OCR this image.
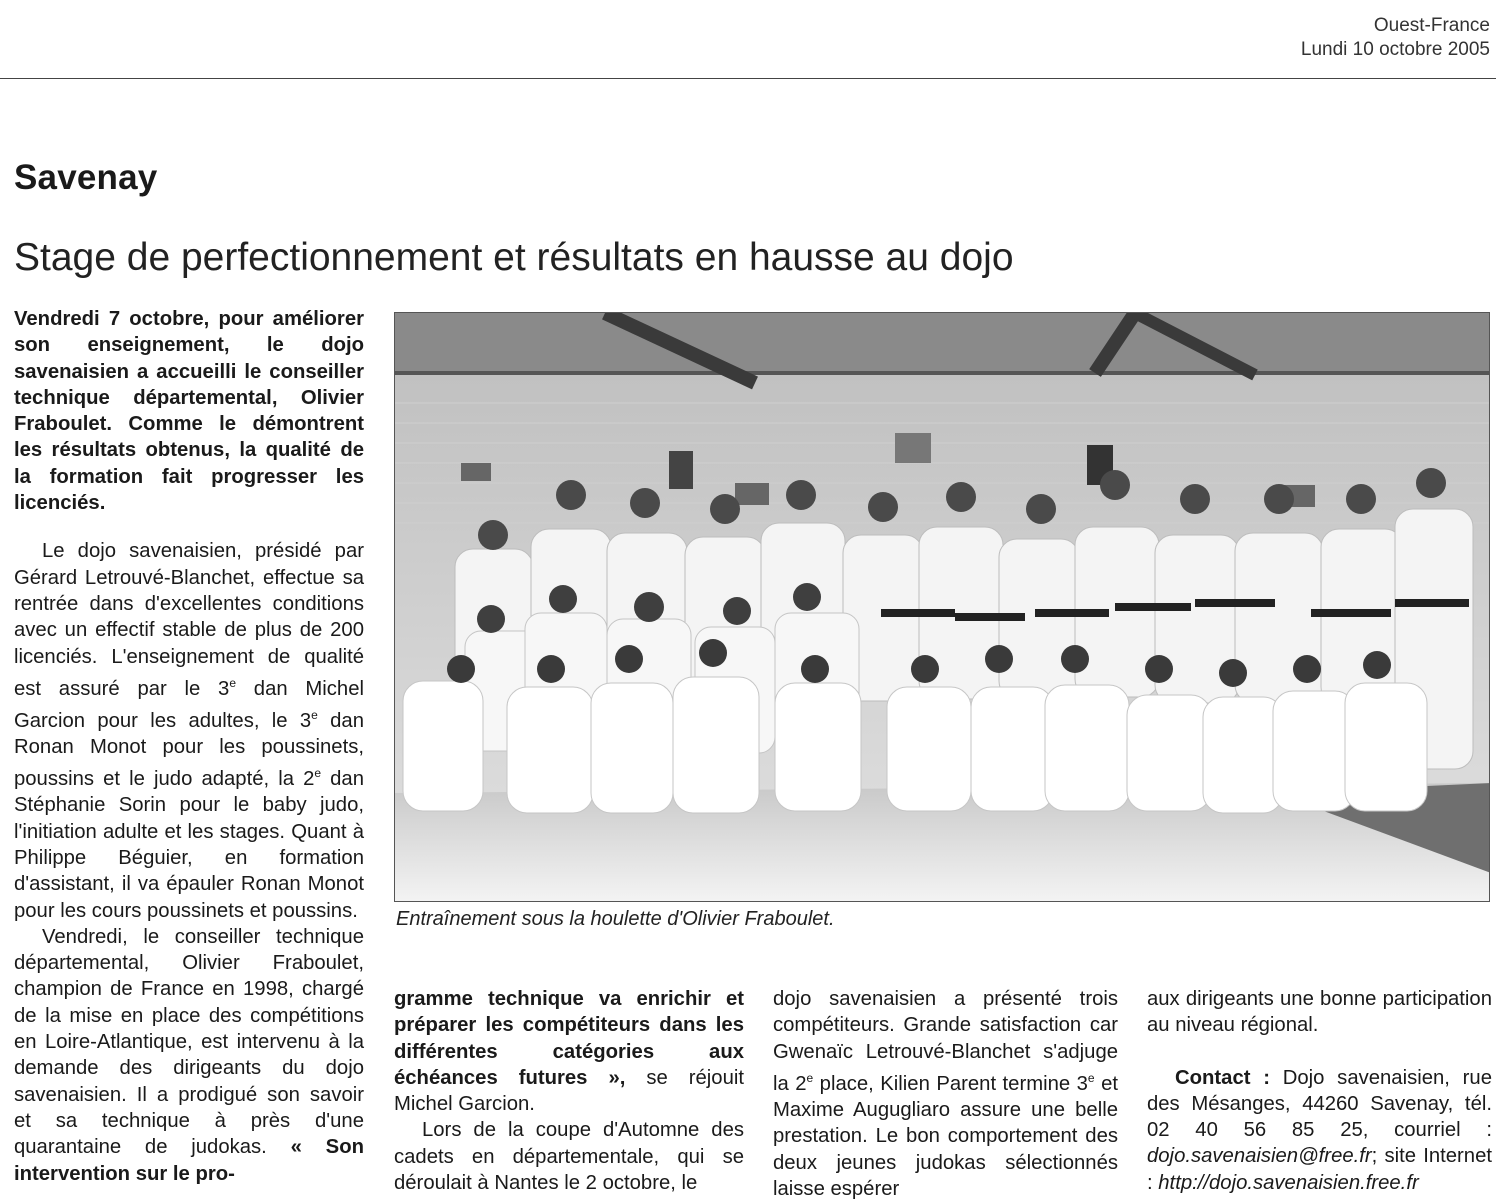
Ouest-France
Lundi 10 octobre 2005
Savenay
Stage de perfectionnement et résultats en hausse au dojo

Vendredi 7 octobre, pour améliorer son enseignement, le dojo savenaisien a accueilli le conseiller technique départemental, Olivier Fraboulet. Comme le démontrent les résultats obtenus, la qualité de la formation fait progresser les licenciés.

Le dojo savenaisien, présidé par Gérard Letrouvé-Blanchet, effectue sa rentrée dans d'excellentes conditions avec un effectif stable de plus de 200 licenciés. L'enseignement de qualité est assuré par le 3e dan Michel Garcion pour les adultes, le 3e dan Ronan Monot pour les poussinets, poussins et le judo adapté, la 2e dan Stéphanie Sorin pour le baby judo, l'initiation adulte et les stages. Quant à Philippe Béguier, en formation d'assistant, il va épauler Ronan Monot pour les cours poussinets et poussins.

Vendredi, le conseiller technique départemental, Olivier Fraboulet, champion de France en 1998, chargé de la mise en place des compétitions en Loire-Atlantique, est intervenu à la demande des dirigeants du dojo savenaisien. Il a prodigué son savoir et sa technique à près d'une quarantaine de judokas. « Son intervention sur le pro-

Entraînement sous la houlette d'Olivier Fraboulet.

gramme technique va enrichir et préparer les compétiteurs dans les différentes catégories aux échéances futures », se réjouit Michel Garcion.

Lors de la coupe d'Automne des cadets en départementale, qui se déroulait à Nantes le 2 octobre, le

dojo savenaisien a présenté trois compétiteurs. Grande satisfaction car Gwenaïc Letrouvé-Blanchet s'adjuge la 2e place, Kilien Parent termine 3e et Maxime Augugliaro assure une belle prestation. Le bon comportement des deux jeunes judokas sélectionnés laisse espérer

aux dirigeants une bonne participation au niveau régional.

Contact : Dojo savenaisien, rue des Mésanges, 44260 Savenay, tél. 02 40 56 85 25, courriel : dojo.savenaisien@free.fr; site Internet : http://dojo.savenaisien.free.fr
